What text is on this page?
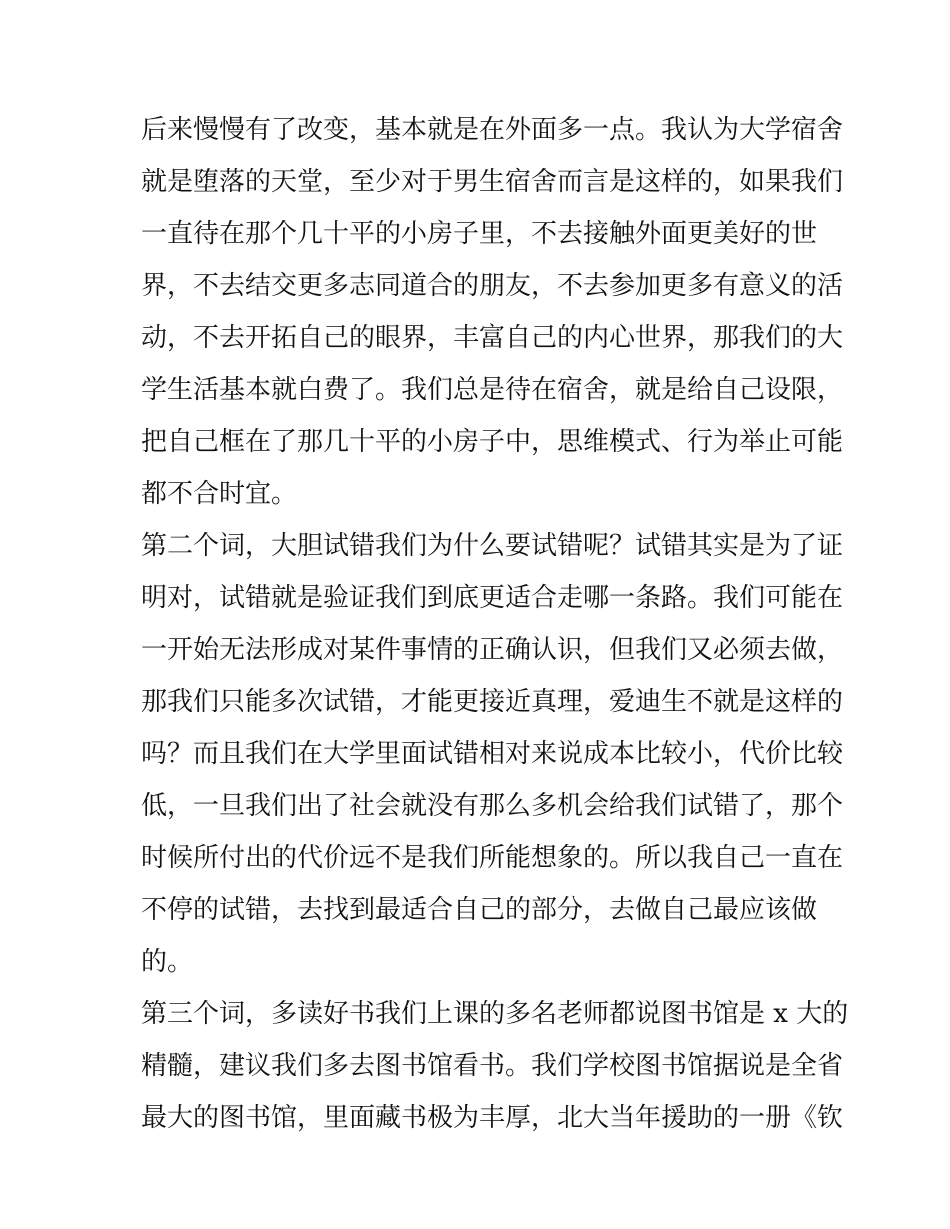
后来慢慢有了改变，基本就是在外面多一点。我认为大学宿舍
就是堕落的天堂，至少对于男生宿舍而言是这样的，如果我们
一直待在那个几十平的小房子里，不去接触外面更美好的世
界，不去结交更多志同道合的朋友，不去参加更多有意义的活
动，不去开拓自己的眼界，丰富自己的内心世界，那我们的大
学生活基本就白费了。我们总是待在宿舍，就是给自己设限，
把自己框在了那几十平的小房子中，思维模式、行为举止可能
都不合时宜。
第二个词，大胆试错我们为什么要试错呢？试错其实是为了证
明对，试错就是验证我们到底更适合走哪一条路。我们可能在
一开始无法形成对某件事情的正确认识，但我们又必须去做，
那我们只能多次试错，才能更接近真理，爱迪生不就是这样的
吗？而且我们在大学里面试错相对来说成本比较小，代价比较
低，一旦我们出了社会就没有那么多机会给我们试错了，那个
时候所付出的代价远不是我们所能想象的。所以我自己一直在
不停的试错，去找到最适合自己的部分，去做自己最应该做
的。
第三个词，多读好书我们上课的多名老师都说图书馆是 x 大的
精髓，建议我们多去图书馆看书。我们学校图书馆据说是全省
最大的图书馆，里面藏书极为丰厚，北大当年援助的一册《钦
